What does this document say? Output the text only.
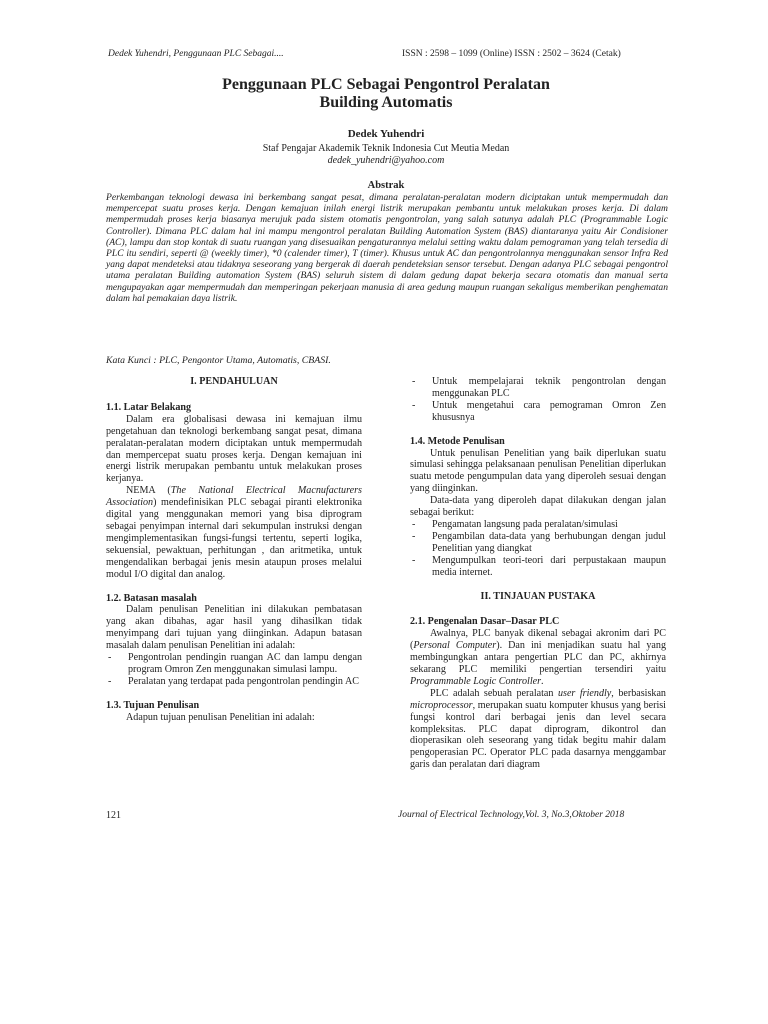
Dedek Yuhendri, Penggunaan PLC Sebagai....	ISSN : 2598 – 1099 (Online) ISSN : 2502 – 3624 (Cetak)
Penggunaan PLC Sebagai Pengontrol Peralatan
Building Automatis
Dedek Yuhendri
Staf Pengajar Akademik Teknik Indonesia Cut Meutia Medan
dedek_yuhendri@yahoo.com
Abstrak
Perkembangan teknologi dewasa ini berkembang sangat pesat, dimana peralatan-peralatan modern diciptakan untuk mempermudah dan mempercepat suatu proses kerja. Dengan kemajuan inilah energi listrik merupakan pembantu untuk melakukan proses kerja. Di dalam mempermudah proses kerja biasanya merujuk pada sistem otomatis pengontrolan, yang salah satunya adalah PLC (Programmable Logic Controller). Dimana PLC dalam hal ini mampu mengontrol peralatan Building Automation System (BAS) diantaranya yaitu Air Condisioner (AC), lampu dan stop kontak di suatu ruangan yang disesuaikan pengaturannya melalui setting waktu dalam pemograman yang telah tersedia di PLC itu sendiri, seperti @ (weekly timer), *0 (calender timer), T (timer). Khusus untuk AC dan pengontrolannya menggunakan sensor Infra Red yang dapat mendeteksi atau tidaknya seseorang yang bergerak di daerah pendeteksian sensor tersebut. Dengan adanya PLC sebagai pengontrol utama peralatan Building automation System (BAS) seluruh sistem di dalam gedung dapat bekerja secara otomatis dan manual serta mengupayakan agar mempermudah dan memperingan pekerjaan manusia di area gedung maupun ruangan sekaligus memberikan penghematan dalam hal pemakaian daya listrik.
Kata Kunci : PLC, Pengontor Utama, Automatis, CBASI.
I. PENDAHULUAN
1.1. Latar Belakang

Dalam era globalisasi dewasa ini kemajuan ilmu pengetahuan dan teknologi berkembang sangat pesat, dimana peralatan-peralatan modern diciptakan untuk mempermudah dan mempercepat suatu proses kerja. Dengan kemajuan ini energi listrik merupakan pembantu untuk melakukan proses kerjanya.

NEMA (The National Electrical Macnufacturers Association) mendefinisikan PLC sebagai piranti elektronika digital yang menggunakan memori yang bisa diprogram sebagai penyimpan internal dari sekumpulan instruksi dengan mengimplementasikan fungsi-fungsi tertentu, seperti logika, sekuensial, pewaktuan, perhitungan , dan aritmetika, untuk mengendalikan berbagai jenis mesin ataupun proses melalui modul I/O digital dan analog.

1.2. Batasan masalah

Dalam penulisan Penelitian ini dilakukan pembatasan yang akan dibahas, agar hasil yang dihasilkan tidak menyimpang dari tujuan yang diinginkan. Adapun batasan masalah dalam penulisan Penelitian ini adalah:

- Pengontrolan pendingin ruangan AC dan lampu dengan program Omron Zen menggunakan simulasi lampu.
- Peralatan yang terdapat pada pengontrolan pendingin AC
1.3. Tujuan Penulisan

Adapun tujuan penulisan Penelitian ini adalah:

- Untuk mempelajarai teknik pengontrolan dengan menggunakan PLC
- Untuk mengetahui cara pemograman Omron Zen khususnya
1.4. Metode Penulisan

Untuk penulisan Penelitian yang baik diperlukan suatu simulasi sehingga pelaksanaan penulisan Penelitian diperlukan suatu metode pengumpulan data yang diperoleh sesuai dengan yang diinginkan.

Data-data yang diperoleh dapat dilakukan dengan jalan sebagai berikut:

- Pengamatan langsung pada peralatan/simulasi
- Pengambilan data-data yang berhubungan dengan judul Penelitian yang diangkat
- Mengumpulkan teori-teori dari perpustakaan maupun media internet.
II. TINJAUAN PUSTAKA
2.1. Pengenalan Dasar–Dasar PLC

Awalnya, PLC banyak dikenal sebagai akronim dari PC (Personal Computer). Dan ini menjadikan suatu hal yang membingungkan antara pengertian PLC dan PC, akhirnya sekarang PLC memiliki pengertian tersendiri yaitu Programmable Logic Controller.

PLC adalah sebuah peralatan user friendly, berbasiskan microprocessor, merupakan suatu komputer khusus yang berisi fungsi kontrol dari berbagai jenis dan level secara kompleksitas. PLC dapat diprogram, dikontrol dan dioperasikan oleh seseorang yang tidak begitu mahir dalam pengoperasian PC. Operator PLC pada dasarnya menggambar garis dan peralatan dari diagram

121	Journal of Electrical Technology,Vol. 3, No.3,Oktober 2018
